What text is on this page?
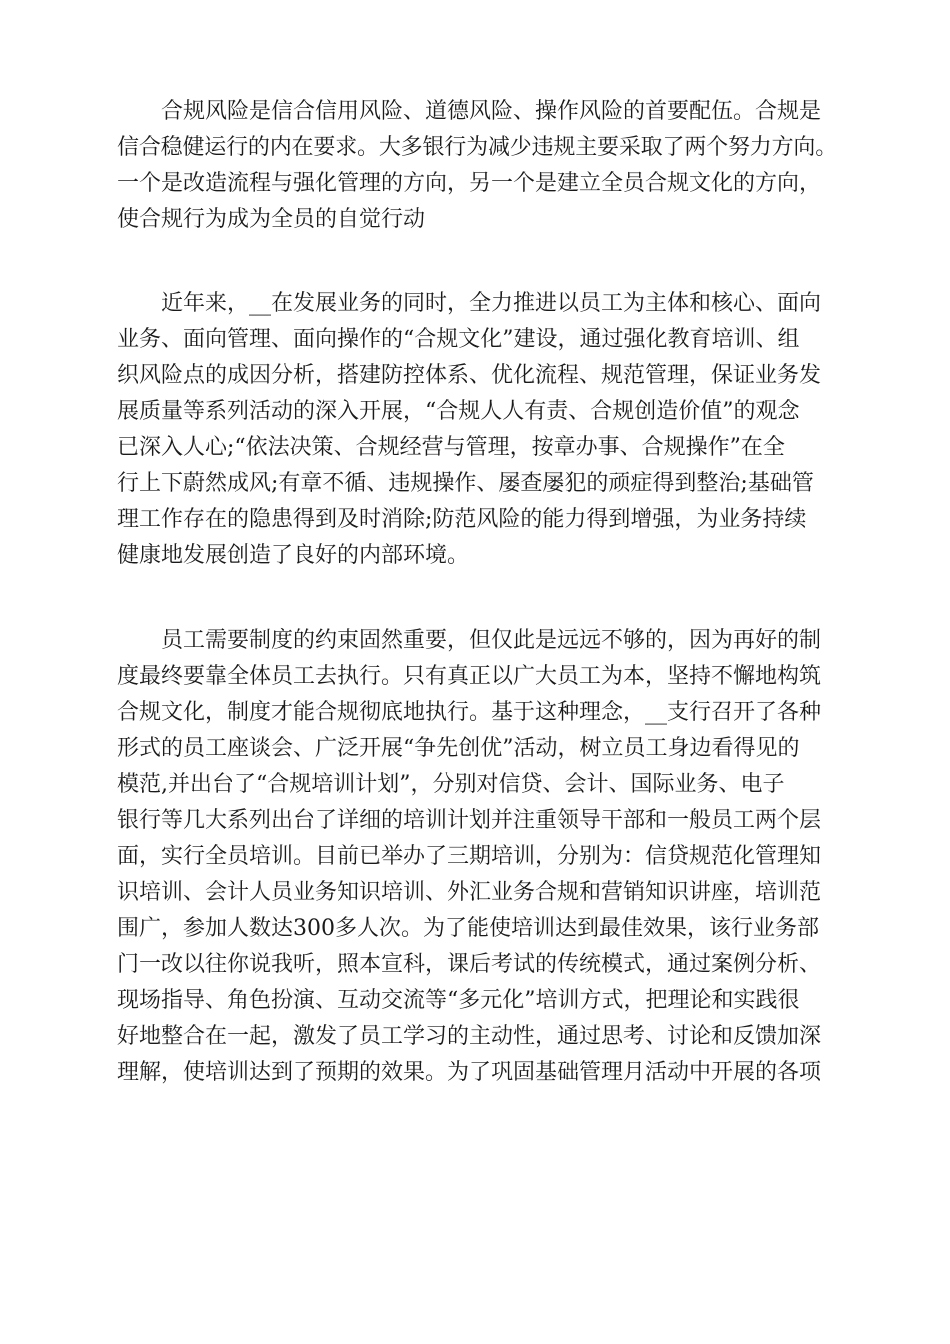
合规风险是信合信用风险、道德风险、操作风险的首要配伍。合规是
信合稳健运行的内在要求。大多银行为减少违规主要采取了两个努力方向。
一个是改造流程与强化管理的方向，另一个是建立全员合规文化的方向，
使合规行为成为全员的自觉行动
近年来，__在发展业务的同时，全力推进以员工为主体和核心、面向
业务、面向管理、面向操作的“合规文化”建设，通过强化教育培训、组
织风险点的成因分析，搭建防控体系、优化流程、规范管理，保证业务发
展质量等系列活动的深入开展，“合规人人有责、合规创造价值”的观念
已深入人心;“依法决策、合规经营与管理，按章办事、合规操作”在全
行上下蔚然成风;有章不循、违规操作、屡查屡犯的顽症得到整治;基础管
理工作存在的隐患得到及时消除;防范风险的能力得到增强，为业务持续
健康地发展创造了良好的内部环境。
员工需要制度的约束固然重要，但仅此是远远不够的，因为再好的制
度最终要靠全体员工去执行。只有真正以广大员工为本，坚持不懈地构筑
合规文化，制度才能合规彻底地执行。基于这种理念，__支行召开了各种
形式的员工座谈会、广泛开展“争先创优”活动，树立员工身边看得见的
模范,并出台了“合规培训计划”，分别对信贷、会计、国际业务、电子
银行等几大系列出台了详细的培训计划并注重领导干部和一般员工两个层
面，实行全员培训。目前已举办了三期培训，分别为：信贷规范化管理知
识培训、会计人员业务知识培训、外汇业务合规和营销知识讲座，培训范
围广，参加人数达300多人次。为了能使培训达到最佳效果，该行业务部
门一改以往你说我听，照本宣科，课后考试的传统模式，通过案例分析、
现场指导、角色扮演、互动交流等“多元化”培训方式，把理论和实践很
好地整合在一起，激发了员工学习的主动性，通过思考、讨论和反馈加深
理解，使培训达到了预期的效果。为了巩固基础管理月活动中开展的各项
